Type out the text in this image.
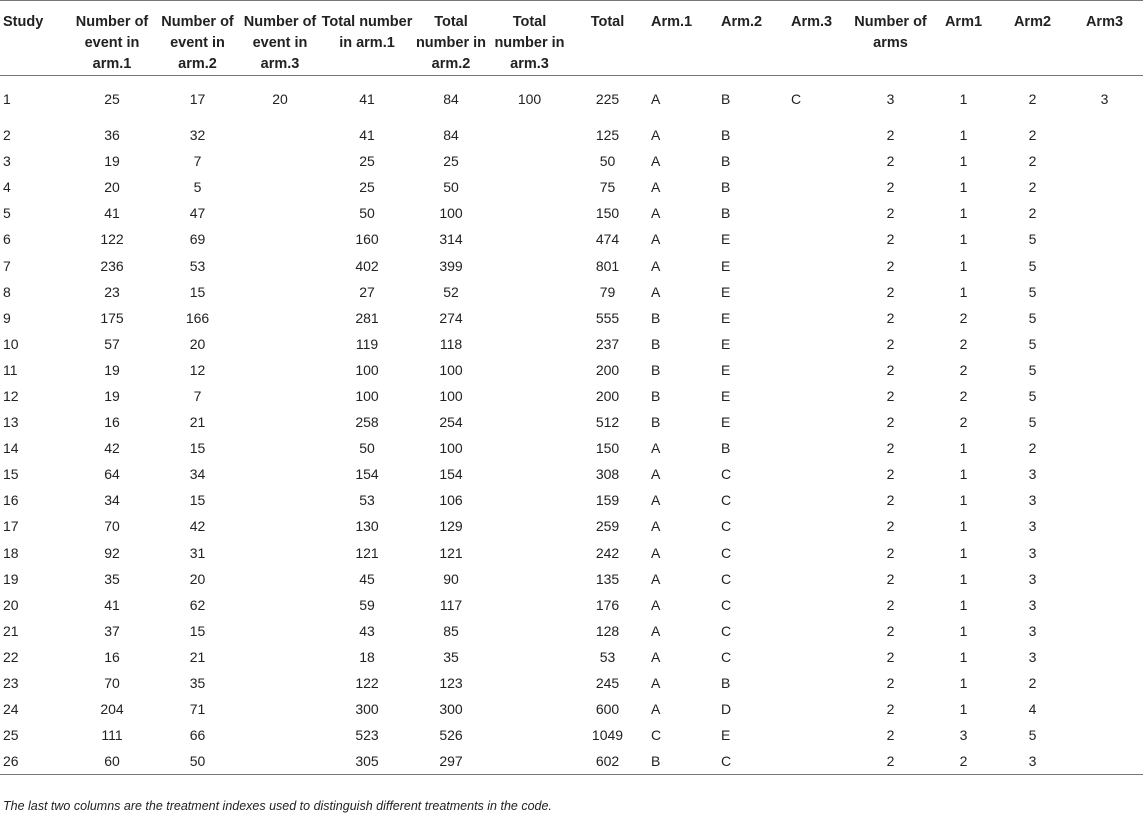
Study	Number of event in arm.1	Number of event in arm.2	Number of event in arm.3	Total number in arm.1	Total number in arm.2	Total number in arm.3	Total	Arm.1	Arm.2	Arm.3	Number of arms	Arm1	Arm2	Arm3
1	25	17	20	41	84	100	225	A	B	C	3	1	2	3
2	36	32		41	84		125	A	B		2	1	2	
3	19	7		25	25		50	A	B		2	1	2	
4	20	5		25	50		75	A	B		2	1	2	
5	41	47		50	100		150	A	B		2	1	2	
6	122	69		160	314		474	A	E		2	1	5	
7	236	53		402	399		801	A	E		2	1	5	
8	23	15		27	52		79	A	E		2	1	5	
9	175	166		281	274		555	B	E		2	2	5	
10	57	20		119	118		237	B	E		2	2	5	
11	19	12		100	100		200	B	E		2	2	5	
12	19	7		100	100		200	B	E		2	2	5	
13	16	21		258	254		512	B	E		2	2	5	
14	42	15		50	100		150	A	B		2	1	2	
15	64	34		154	154		308	A	C		2	1	3	
16	34	15		53	106		159	A	C		2	1	3	
17	70	42		130	129		259	A	C		2	1	3	
18	92	31		121	121		242	A	C		2	1	3	
19	35	20		45	90		135	A	C		2	1	3	
20	41	62		59	117		176	A	C		2	1	3	
21	37	15		43	85		128	A	C		2	1	3	
22	16	21		18	35		53	A	C		2	1	3	
23	70	35		122	123		245	A	B		2	1	2	
24	204	71		300	300		600	A	D		2	1	4	
25	111	66		523	526		1049	C	E		2	3	5	
26	60	50		305	297		602	B	C		2	2	3	
The last two columns are the treatment indexes used to distinguish different treatments in the code.
